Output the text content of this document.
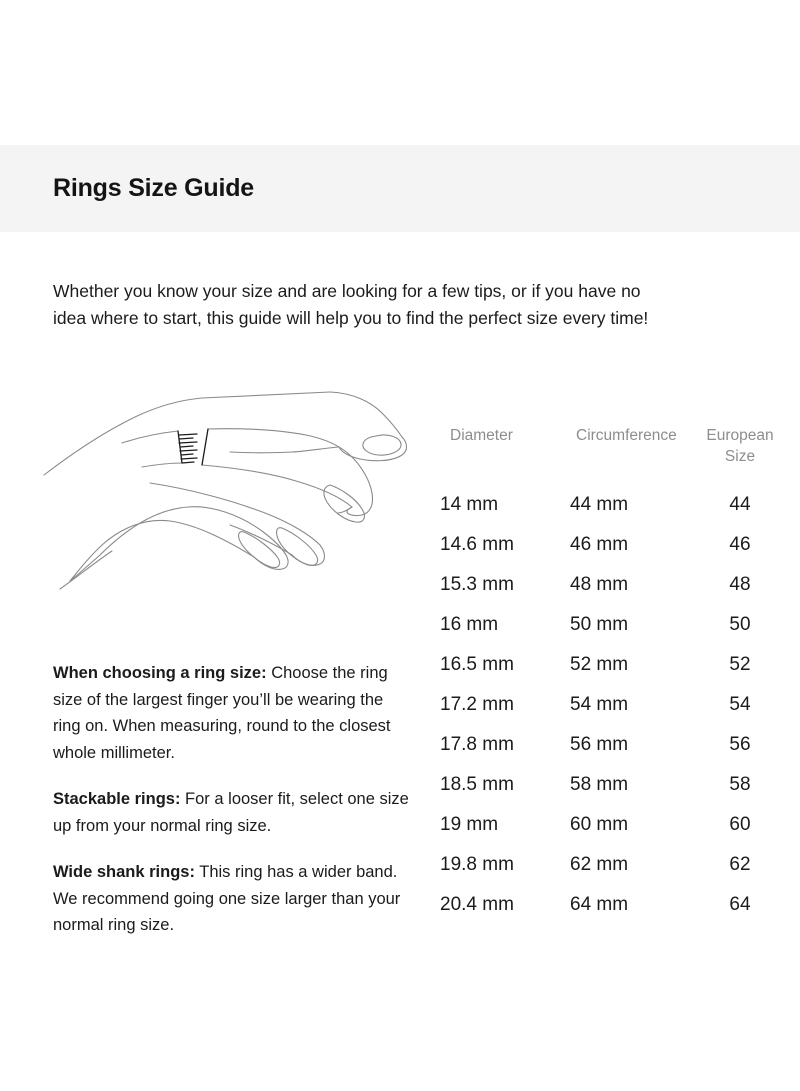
Rings Size Guide

Whether you know your size and are looking for a few tips, or if you have no idea where to start, this guide will help you to find the perfect size every time!

When choosing a ring size: Choose the ring size of the largest finger you’ll be wearing the ring on. When measuring, round to the closest whole millimeter.

Stackable rings: For a looser fit, select one size up from your normal ring size.

Wide shank rings: This ring has a wider band. We recommend going one size larger than your normal ring size.

Diameter	Circumference	European Size
14 mm	44 mm	44
14.6 mm	46 mm	46
15.3 mm	48 mm	48
16 mm	50 mm	50
16.5 mm	52 mm	52
17.2 mm	54 mm	54
17.8 mm	56 mm	56
18.5 mm	58 mm	58
19 mm	60 mm	60
19.8 mm	62 mm	62
20.4 mm	64 mm	64
